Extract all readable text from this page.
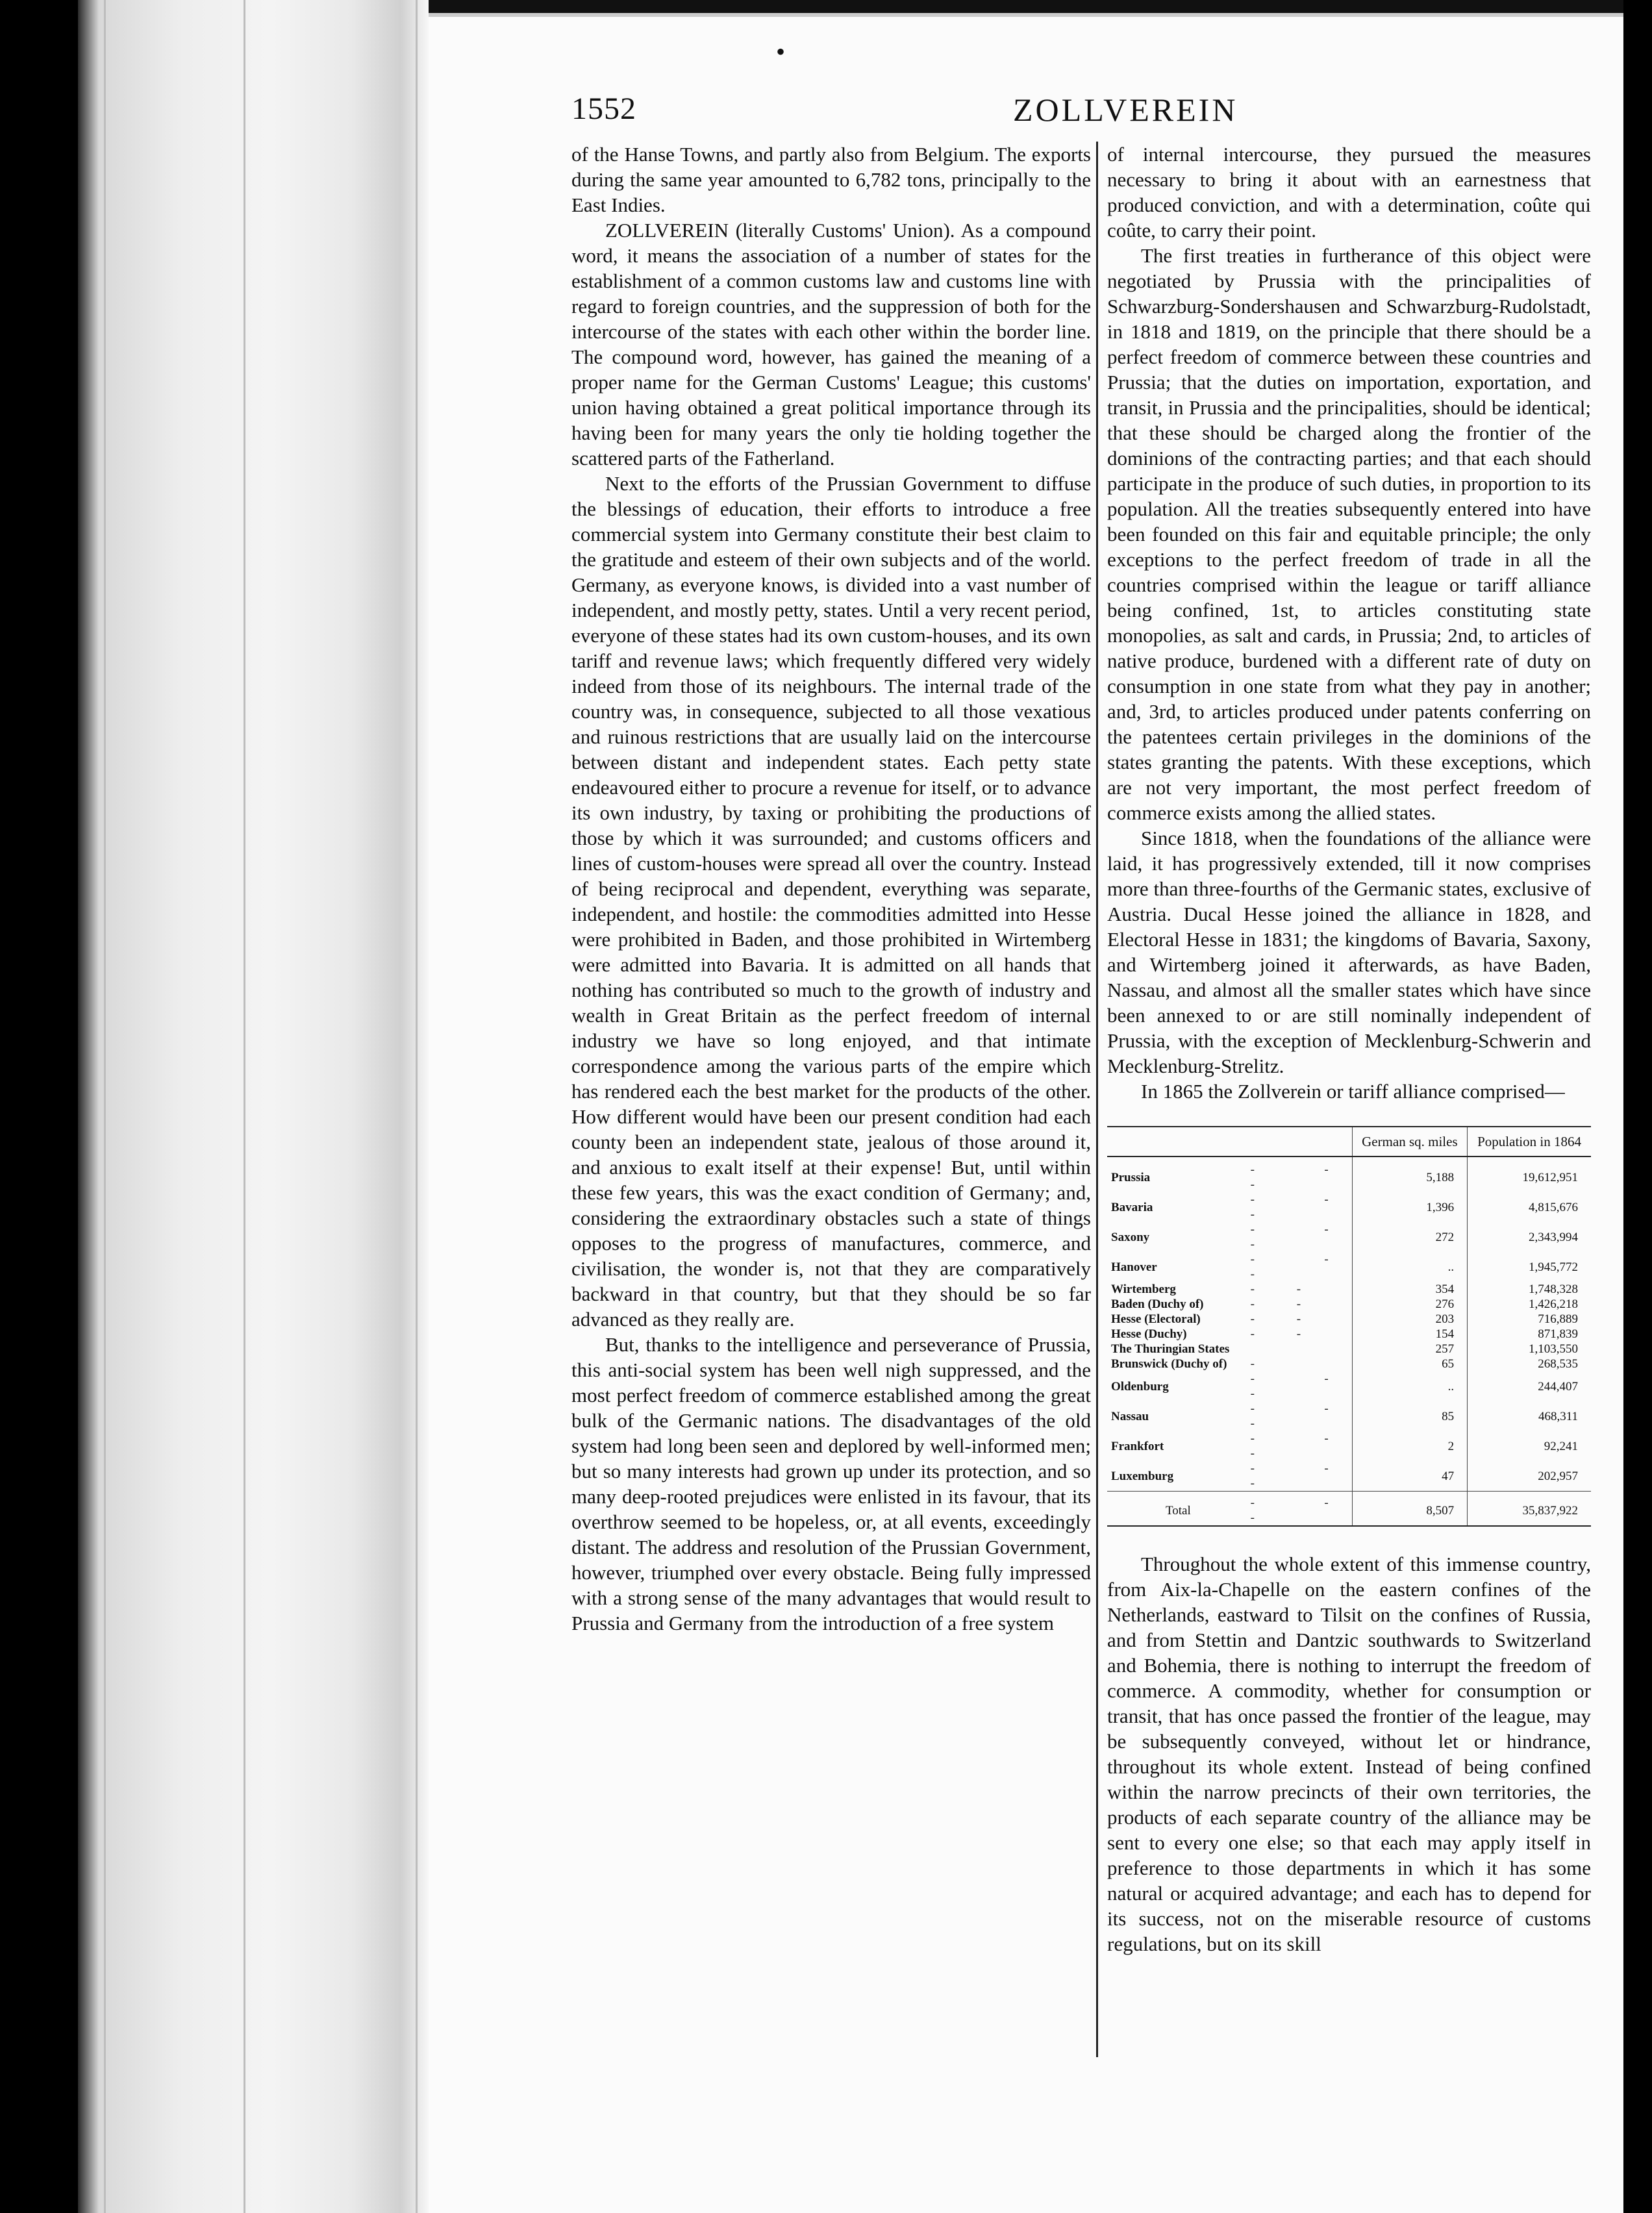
•
1552	ZOLLVEREIN

of the Hanse Towns, and partly also from Belgium. The exports during the same year amounted to 6,782 tons, principally to the East Indies.

ZOLLVEREIN (literally Customs' Union). As a compound word, it means the association of a number of states for the establishment of a common customs law and customs line with regard to foreign countries, and the suppression of both for the intercourse of the states with each other within the border line. The compound word, however, has gained the meaning of a proper name for the German Customs' League; this customs' union having obtained a great political importance through its having been for many years the only tie holding together the scattered parts of the Fatherland.

Next to the efforts of the Prussian Government to diffuse the blessings of education, their efforts to introduce a free commercial system into Germany constitute their best claim to the gratitude and esteem of their own subjects and of the world. Germany, as everyone knows, is divided into a vast number of independent, and mostly petty, states. Until a very recent period, everyone of these states had its own custom-houses, and its own tariff and revenue laws; which frequently differed very widely indeed from those of its neighbours. The internal trade of the country was, in consequence, subjected to all those vexatious and ruinous restrictions that are usually laid on the intercourse between distant and independent states. Each petty state endeavoured either to procure a revenue for itself, or to advance its own industry, by taxing or prohibiting the productions of those by which it was surrounded; and customs officers and lines of custom-houses were spread all over the country. Instead of being reciprocal and dependent, everything was separate, independent, and hostile: the commodities admitted into Hesse were prohibited in Baden, and those prohibited in Wirtemberg were admitted into Bavaria. It is admitted on all hands that nothing has contributed so much to the growth of industry and wealth in Great Britain as the perfect freedom of internal industry we have so long enjoyed, and that intimate correspondence among the various parts of the empire which has rendered each the best market for the products of the other. How different would have been our present condition had each county been an independent state, jealous of those around it, and anxious to exalt itself at their expense! But, until within these few years, this was the exact condition of Germany; and, considering the extraordinary obstacles such a state of things opposes to the progress of manufactures, commerce, and civilisation, the wonder is, not that they are comparatively backward in that country, but that they should be so far advanced as they really are.

But, thanks to the intelligence and perseverance of Prussia, this anti-social system has been well nigh suppressed, and the most perfect freedom of commerce established among the great bulk of the Germanic nations. The disadvantages of the old system had long been seen and deplored by well-informed men; but so many interests had grown up under its protection, and so many deep-rooted prejudices were enlisted in its favour, that its overthrow seemed to be hopeless, or, at all events, exceedingly distant. The address and resolution of the Prussian Government, however, triumphed over every obstacle. Being fully impressed with a strong sense of the many advantages that would result to Prussia and Germany from the introduction of a free system

of internal intercourse, they pursued the measures necessary to bring it about with an earnestness that produced conviction, and with a determination, coûte qui coûte, to carry their point.

The first treaties in furtherance of this object were negotiated by Prussia with the principalities of Schwarzburg-Sondershausen and Schwarzburg-Rudolstadt, in 1818 and 1819, on the principle that there should be a perfect freedom of commerce between these countries and Prussia; that the duties on importation, exportation, and transit, in Prussia and the principalities, should be identical; that these should be charged along the frontier of the dominions of the contracting parties; and that each should participate in the produce of such duties, in proportion to its population. All the treaties subsequently entered into have been founded on this fair and equitable principle; the only exceptions to the perfect freedom of trade in all the countries comprised within the league or tariff alliance being confined, 1st, to articles constituting state monopolies, as salt and cards, in Prussia; 2nd, to articles of native produce, burdened with a different rate of duty on consumption in one state from what they pay in another; and, 3rd, to articles produced under patents conferring on the patentees certain privileges in the dominions of the states granting the patents. With these exceptions, which are not very important, the most perfect freedom of commerce exists among the allied states.

Since 1818, when the foundations of the alliance were laid, it has progressively extended, till it now comprises more than three-fourths of the Germanic states, exclusive of Austria. Ducal Hesse joined the alliance in 1828, and Electoral Hesse in 1831; the kingdoms of Bavaria, Saxony, and Wirtemberg joined it afterwards, as have Baden, Nassau, and almost all the smaller states which have since been annexed to or are still nominally independent of Prussia, with the exception of Mecklenburg-Schwerin and Mecklenburg-Strelitz.

In 1865 the Zollverein or tariff alliance comprised—

		German sq. miles	Population in 1864
Prussia	- - -	5,188	19,612,951
Bavaria	- - -	1,396	4,815,676
Saxony	- - -	272	2,343,994
Hanover	- - -	..	1,945,772
Wirtemberg	- -	354	1,748,328
Baden (Duchy of)	- -	276	1,426,218
Hesse (Electoral)	- -	203	716,889
Hesse (Duchy)	- -	154	871,839
The Thuringian States		257	1,103,550
Brunswick (Duchy of)	-	65	268,535
Oldenburg	- - -	..	244,407
Nassau	- - -	85	468,311
Frankfort	- - -	2	92,241
Luxemburg	- - -	47	202,957
Total	- - -	8,507	35,837,922

Throughout the whole extent of this immense country, from Aix-la-Chapelle on the eastern confines of the Netherlands, eastward to Tilsit on the confines of Russia, and from Stettin and Dantzic southwards to Switzerland and Bohemia, there is nothing to interrupt the freedom of commerce. A commodity, whether for consumption or transit, that has once passed the frontier of the league, may be subsequently conveyed, without let or hindrance, throughout its whole extent. Instead of being confined within the narrow precincts of their own territories, the products of each separate country of the alliance may be sent to every one else; so that each may apply itself in preference to those departments in which it has some natural or acquired advantage; and each has to depend for its success, not on the miserable resource of customs regulations, but on its skill
